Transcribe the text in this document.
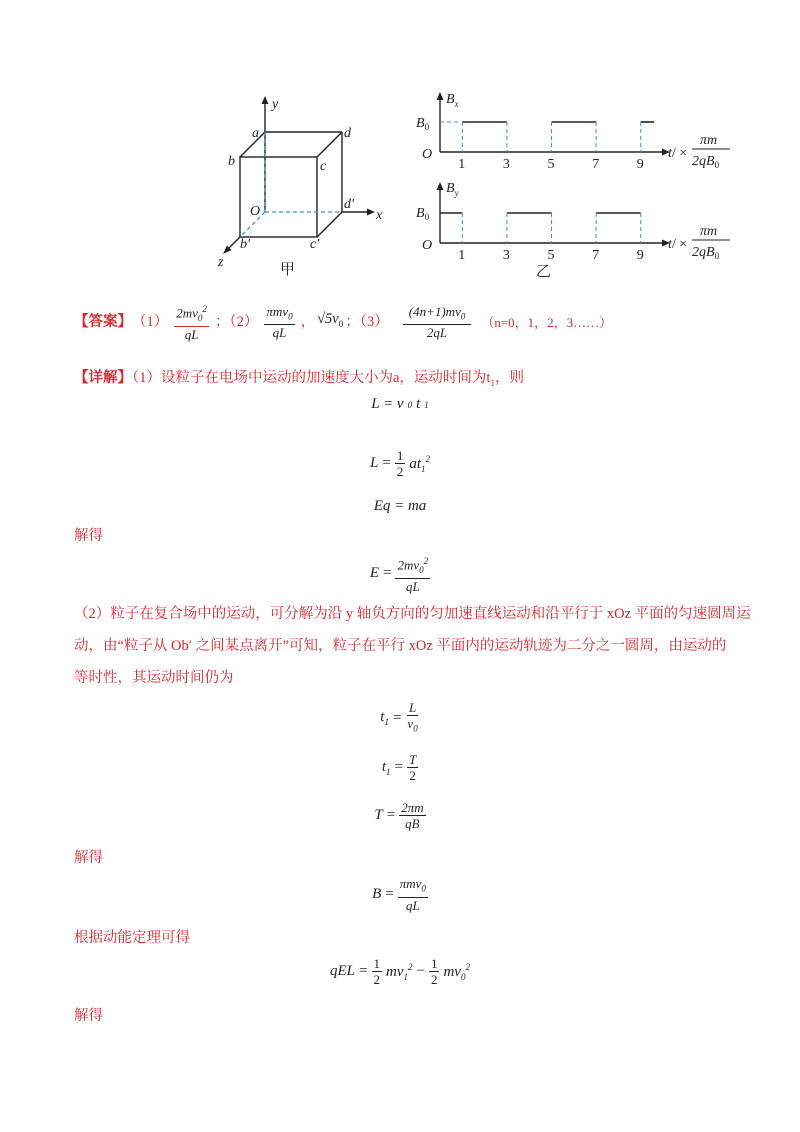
y
a	d
b	c
O	d′
x
b′	c′
z	甲
$B_x$
$B_0$
O
1	3	5	7	9
$B_y$
$B_0$
O
1	3	5	7	9
t/ ×
πm
$2qB_0$
t/ ×
πm
$2qB_0$
乙
【答案】 $(1) \frac{2mv_0^2}{qL}$ ；$(2) \frac{\pi mv_0}{qL}$ ， $√5v_0$ ；$(3) \frac{(4n+1)mv_0}{2qL} (n=0$，1，2，3……）
【详解】（1）设粒子在电场中运动的加速度大小为a，运动时间为$t_1$，则
L = v 0 t 1
$L = \frac{1}{2} at_1^2$
Eq = ma
解得
$E = \frac{2mv_0^2}{qL}$
（2）粒子在复合场中的运动，可分解为沿 y 轴负方向的匀加速直线运动和沿平行于 xOz 平面的匀速圆周运
动，由“粒子从 Ob′ 之间某点离开”可知，粒子在平行 xOz 平面内的运动轨迹为二分之一圆周，由运动的
等时性，其运动时间仍为
$t_1 = \frac{L}{v_0}$
$t_1 = \frac{T}{2}$
$T = \frac{2\pi m}{qB}$
解得
$B = \frac{\pi mv_0}{qL}$
根据动能定理可得
qEL = $\frac{1}{2} mv_1^2 - \frac{1}{2} mv_0^2$
解得
